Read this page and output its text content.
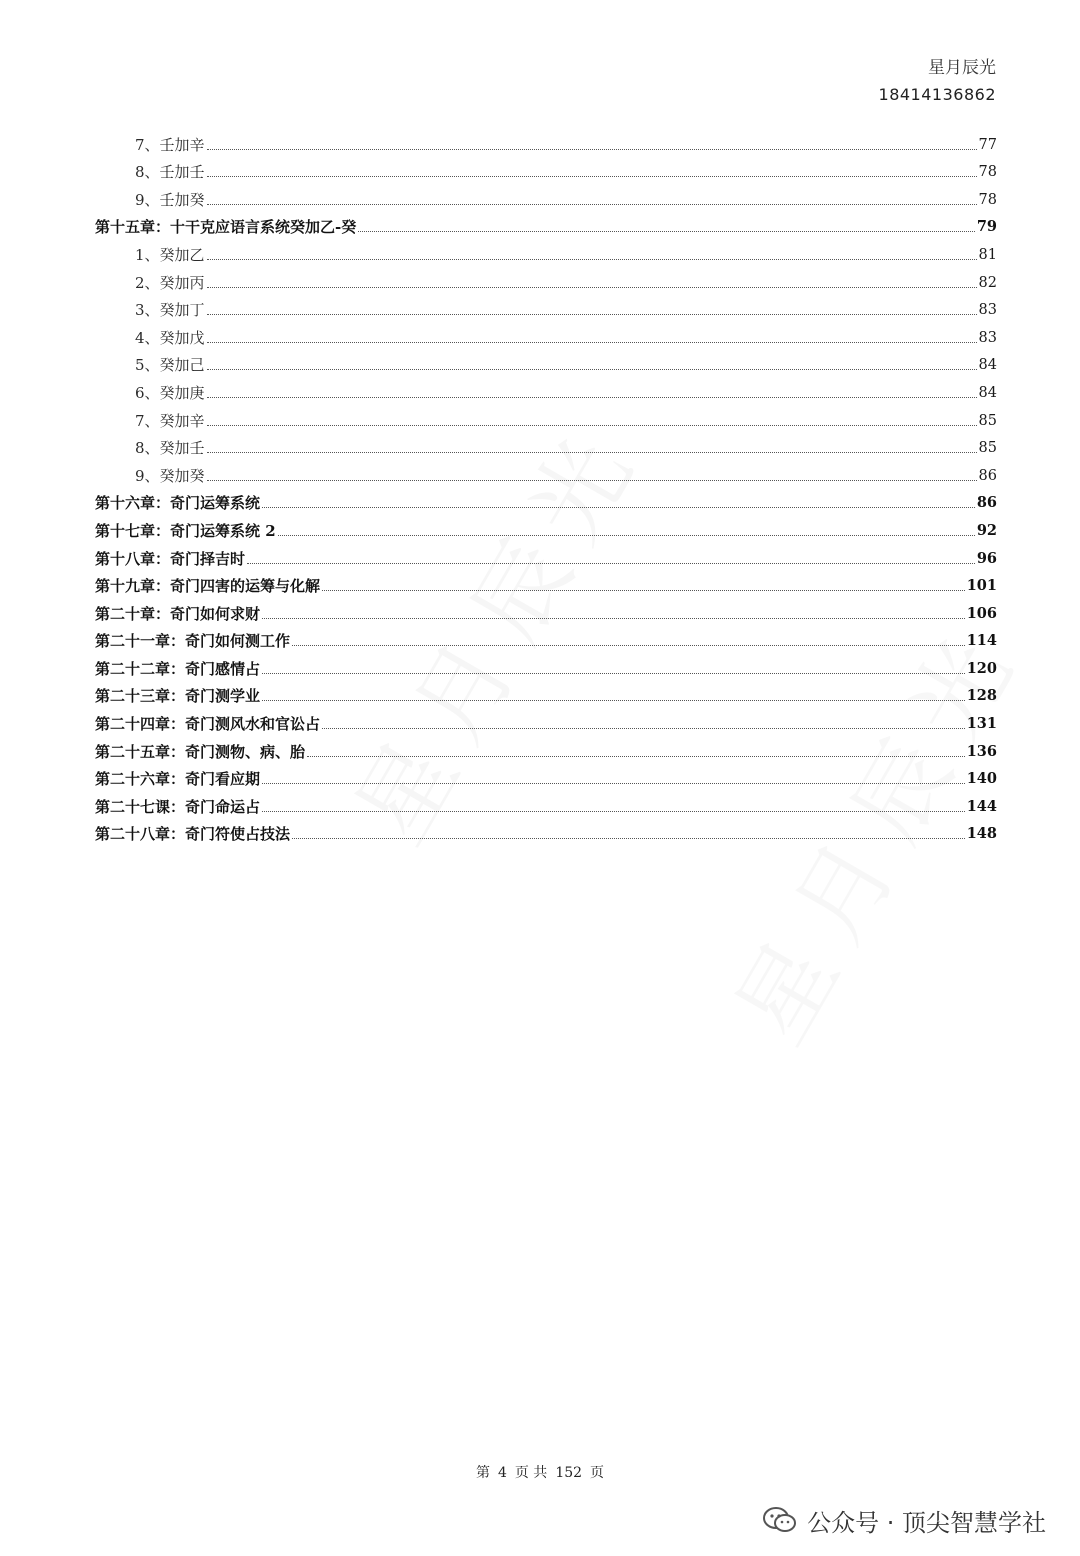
星月辰光
18414136862
7、壬加辛	77
8、壬加壬	78
9、壬加癸	78
第十五章：十干克应语言系统癸加乙-癸	79
1、癸加乙	81
2、癸加丙	82
3、癸加丁	83
4、癸加戊	83
5、癸加己	84
6、癸加庚	84
7、癸加辛	85
8、癸加壬	85
9、癸加癸	86
第十六章：奇门运筹系统	86
第十七章：奇门运筹系统 2	92
第十八章：奇门择吉时	96
第十九章：奇门四害的运筹与化解	101
第二十章：奇门如何求财	106
第二十一章：奇门如何测工作	114
第二十二章：奇门感情占	120
第二十三章：奇门测学业	128
第二十四章：奇门测风水和官讼占	131
第二十五章：奇门测物、病、胎	136
第二十六章：奇门看应期	140
第二十七课：奇门命运占	144
第二十八章：奇门符使占技法	148
第 4 页 共 152 页
公众号 · 顶尖智慧学社
